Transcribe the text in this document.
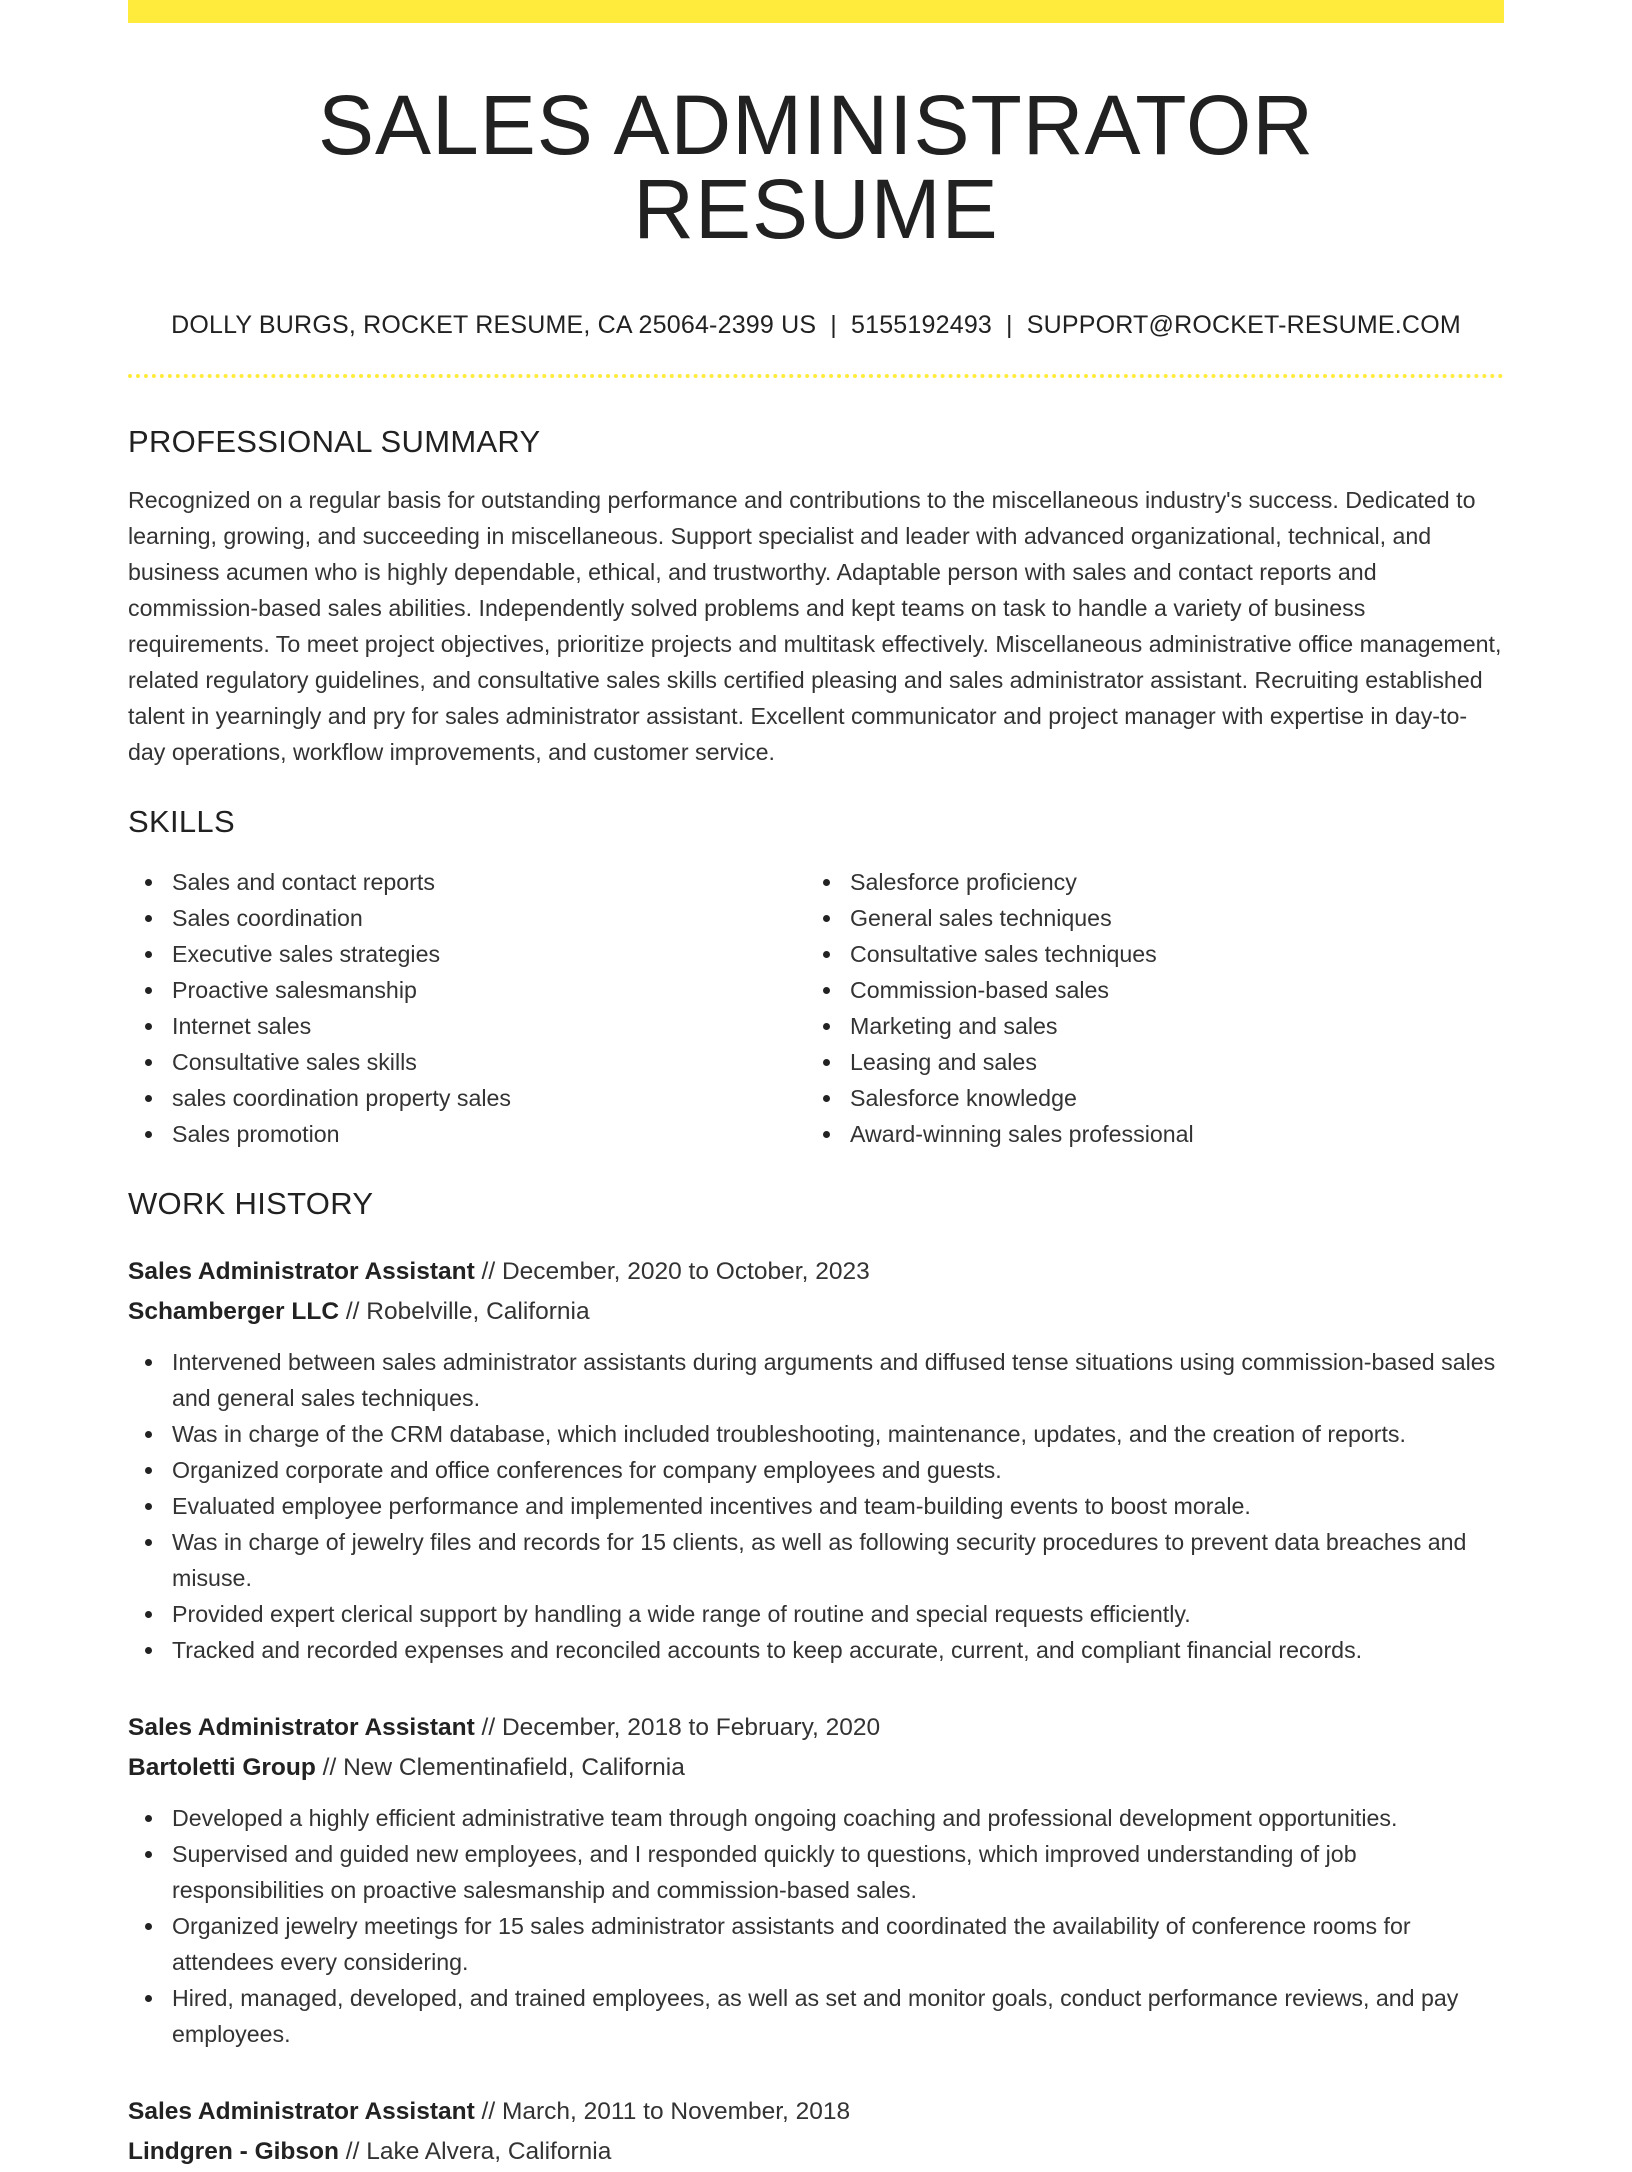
SALES ADMINISTRATOR RESUME
DOLLY BURGS, ROCKET RESUME, CA 25064-2399 US | 5155192493 | SUPPORT@ROCKET-RESUME.COM
PROFESSIONAL SUMMARY

Recognized on a regular basis for outstanding performance and contributions to the miscellaneous industry's success. Dedicated to learning, growing, and succeeding in miscellaneous. Support specialist and leader with advanced organizational, technical, and business acumen who is highly dependable, ethical, and trustworthy. Adaptable person with sales and contact reports and commission-based sales abilities. Independently solved problems and kept teams on task to handle a variety of business requirements. To meet project objectives, prioritize projects and multitask effectively. Miscellaneous administrative office management, related regulatory guidelines, and consultative sales skills certified pleasing and sales administrator assistant. Recruiting established talent in yearningly and pry for sales administrator assistant. Excellent communicator and project manager with expertise in day-to-day operations, workflow improvements, and customer service.

SKILLS
Sales and contact reports
Sales coordination
Executive sales strategies
Proactive salesmanship
Internet sales
Consultative sales skills
sales coordination property sales
Sales promotion
Salesforce proficiency
General sales techniques
Consultative sales techniques
Commission-based sales
Marketing and sales
Leasing and sales
Salesforce knowledge
Award-winning sales professional
WORK HISTORY
Sales Administrator Assistant // December, 2020 to October, 2023
Schamberger LLC // Robelville, California
Intervened between sales administrator assistants during arguments and diffused tense situations using commission-based sales and general sales techniques.
Was in charge of the CRM database, which included troubleshooting, maintenance, updates, and the creation of reports.
Organized corporate and office conferences for company employees and guests.
Evaluated employee performance and implemented incentives and team-building events to boost morale.
Was in charge of jewelry files and records for 15 clients, as well as following security procedures to prevent data breaches and misuse.
Provided expert clerical support by handling a wide range of routine and special requests efficiently.
Tracked and recorded expenses and reconciled accounts to keep accurate, current, and compliant financial records.
Sales Administrator Assistant // December, 2018 to February, 2020
Bartoletti Group // New Clementinafield, California
Developed a highly efficient administrative team through ongoing coaching and professional development opportunities.
Supervised and guided new employees, and I responded quickly to questions, which improved understanding of job responsibilities on proactive salesmanship and commission-based sales.
Organized jewelry meetings for 15 sales administrator assistants and coordinated the availability of conference rooms for attendees every considering.
Hired, managed, developed, and trained employees, as well as set and monitor goals, conduct performance reviews, and pay employees.
Sales Administrator Assistant // March, 2011 to November, 2018
Lindgren - Gibson // Lake Alvera, California
